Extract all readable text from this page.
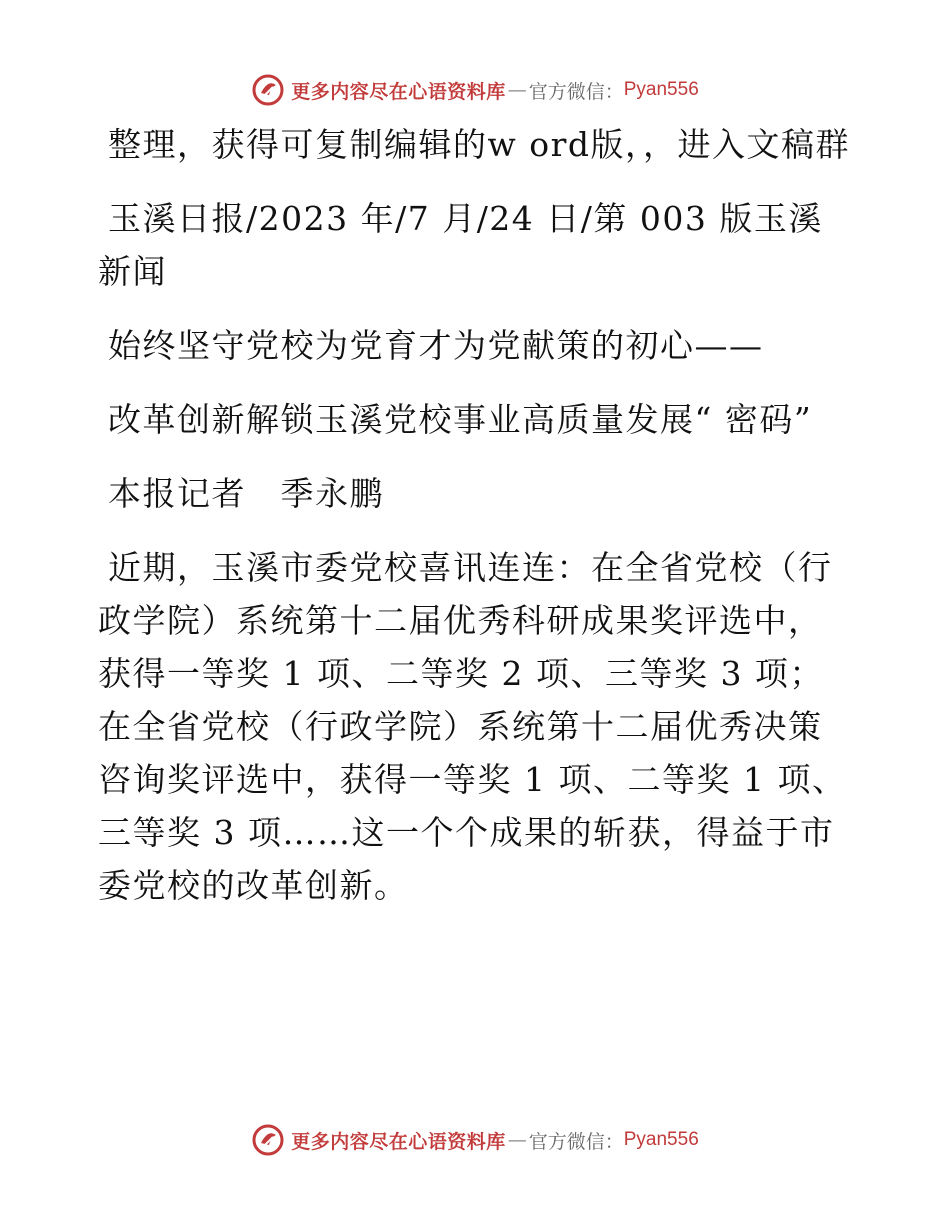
更多内容尽在心语资料库 — 官方微信： Pyan556

整理，获得可复制编辑的w ord版，，进入文稿群

玉溪日报/2023 年/7 月/24 日/第 003 版玉溪新闻

始终坚守党校为党育才为党献策的初心——

改革创新解锁玉溪党校事业高质量发展“ 密码”

本报记者　季永鹏

近期，玉溪市委党校喜讯连连：在全省党校（行政学院）系统第十二届优秀科研成果奖评选中，获得一等奖 1 项、二等奖 2 项、三等奖 3 项；在全省党校（行政学院）系统第十二届优秀决策咨询奖评选中，获得一等奖 1 项、二等奖 1 项、三等奖 3 项……这一个个成果的斩获，得益于市委党校的改革创新。

更多内容尽在心语资料库 — 官方微信： Pyan556
